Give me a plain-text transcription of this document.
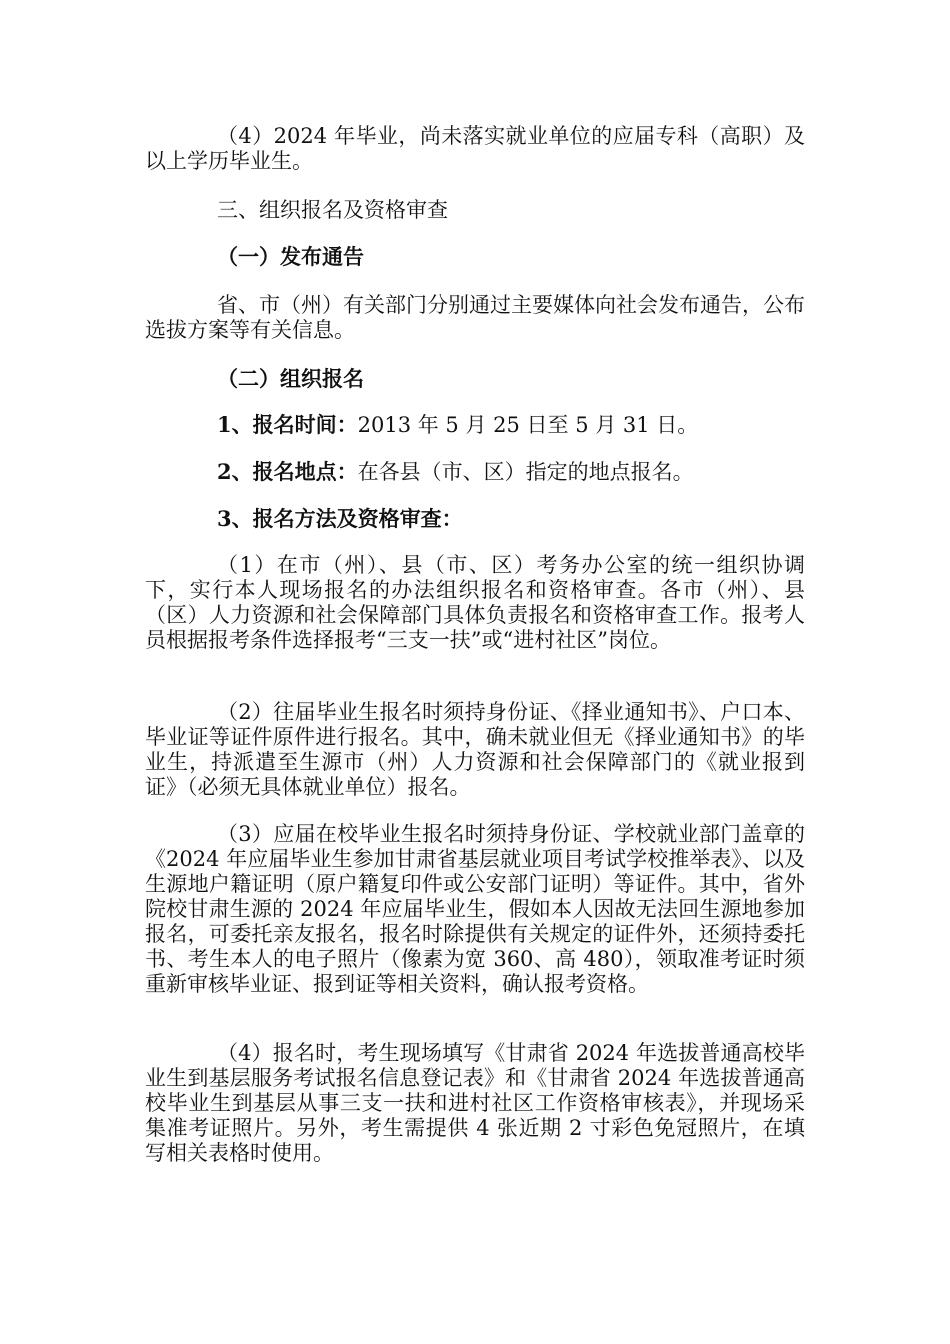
（4）2024 年毕业，尚未落实就业单位的应届专科（高职）及以上学历毕业生。

三、组织报名及资格审查

（一）发布通告

省、市（州）有关部门分别通过主要媒体向社会发布通告，公布选拔方案等有关信息。

（二）组织报名

1、报名时间：2013 年 5 月 25 日至 5 月 31 日。

2、报名地点：在各县（市、区）指定的地点报名。

3、报名方法及资格审查：

（1）在市（州）、县（市、区）考务办公室的统一组织协调下，实行本人现场报名的办法组织报名和资格审查。各市（州）、县（区）人力资源和社会保障部门具体负责报名和资格审查工作。报考人员根据报考条件选择报考“三支一扶”或“进村社区”岗位。

（2）往届毕业生报名时须持身份证、《择业通知书》、户口本、毕业证等证件原件进行报名。其中，确未就业但无《择业通知书》的毕业生，持派遣至生源市（州）人力资源和社会保障部门的《就业报到证》（必须无具体就业单位）报名。

（3）应届在校毕业生报名时须持身份证、学校就业部门盖章的《2024 年应届毕业生参加甘肃省基层就业项目考试学校推举表》、以及生源地户籍证明（原户籍复印件或公安部门证明）等证件。其中，省外院校甘肃生源的 2024 年应届毕业生，假如本人因故无法回生源地参加报名，可委托亲友报名，报名时除提供有关规定的证件外，还须持委托书、考生本人的电子照片（像素为宽 360、高 480），领取准考证时须重新审核毕业证、报到证等相关资料，确认报考资格。

（4）报名时，考生现场填写《甘肃省 2024 年选拔普通高校毕业生到基层服务考试报名信息登记表》和《甘肃省 2024 年选拔普通高校毕业生到基层从事三支一扶和进村社区工作资格审核表》，并现场采集准考证照片。另外，考生需提供 4 张近期 2 寸彩色免冠照片，在填写相关表格时使用。
